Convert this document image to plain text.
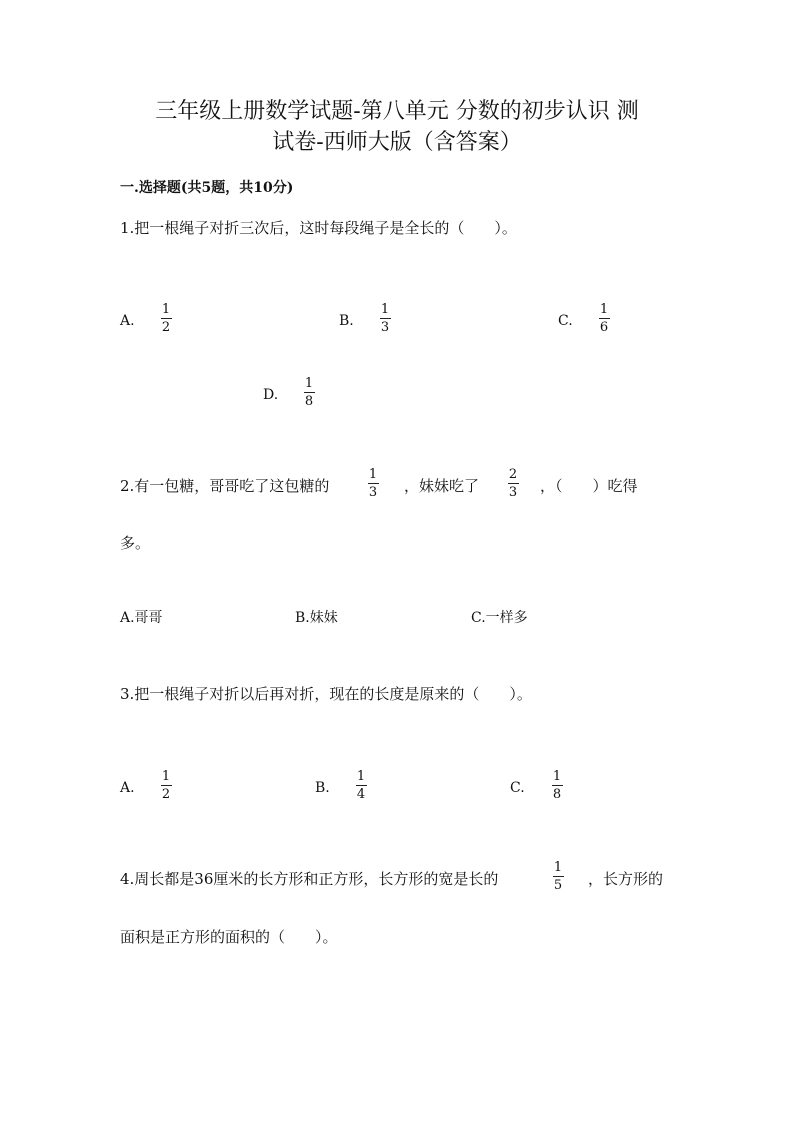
三年级上册数学试题-第八单元 分数的初步认识 测
试卷-西师大版（含答案）
一.选择题(共5题，共10分)
1.把一根绳子对折三次后，这时每段绳子是全长的（　　）。
A.
1
2	B.
1
3	C.
1
6
D.
1
8
2.有一包糖，哥哥吃了这包糖的
1
3 ，妹妹吃了
2
3 ，（　　）吃得
多。
A.哥哥	B.妹妹	C.一样多
3.把一根绳子对折以后再对折，现在的长度是原来的（　　）。
A.
1
2	B.
1
4	C.
1
8
4.周长都是36厘米的长方形和正方形，长方形的宽是长的
1
5 ，长方形的
面积是正方形的面积的（　　）。
